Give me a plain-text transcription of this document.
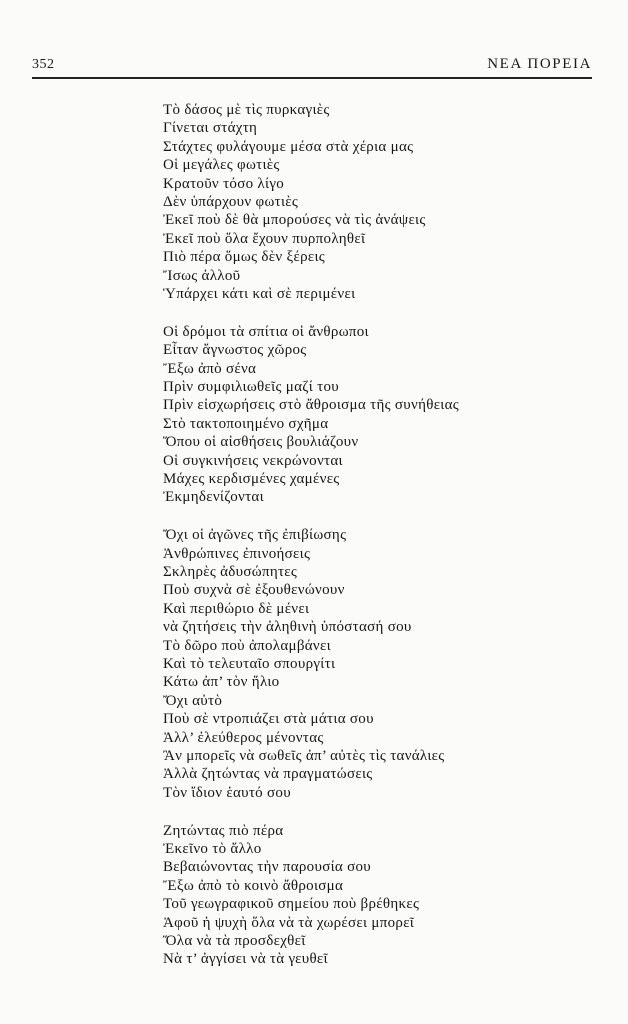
352	ΝΕΑ ΠΟΡΕΙΑ
Τὸ δάσος μὲ τὶς πυρκαγιὲς
Γίνεται στάχτη
Στάχτες φυλάγουμε μέσα στὰ χέρια μας
Οἱ μεγάλες φωτιὲς
Κρατοῦν τόσο λίγο
Δὲν ὑπάρχουν φωτιὲς
Ἐκεῖ ποὺ δὲ θὰ μπορούσες νὰ τὶς ἀνάψεις
Ἐκεῖ ποὺ ὅλα ἔχουν πυρποληθεῖ
Πιὸ πέρα ὅμως δὲν ξέρεις
Ἴσως ἀλλοῦ
Ὑπάρχει κάτι καὶ σὲ περιμένει
Οἱ δρόμοι τὰ σπίτια οἱ ἄνθρωποι
Εἶταν ἄγνωστος χῶρος
Ἔξω ἀπὸ σένα
Πρὶν συμφιλιωθεῖς μαζί του
Πρὶν εἰσχωρήσεις στὸ ἄθροισμα τῆς συνήθειας
Στὸ τακτοποιημένο σχῆμα
Ὅπου οἱ αἰσθήσεις βουλιάζουν
Οἱ συγκινήσεις νεκρώνονται
Μάχες κερδισμένες χαμένες
Ἐκμηδενίζονται
Ὄχι οἱ ἀγῶνες τῆς ἐπιβίωσης
Ἀνθρώπινες ἐπινοήσεις
Σκληρὲς ἀδυσώπητες
Ποὺ συχνὰ σὲ ἐξουθενώνουν
Καὶ περιθώριο δὲ μένει
νὰ ζητήσεις τὴν ἀληθινὴ ὑπόστασή σου
Τὸ δῶρο ποὺ ἀπολαμβάνει
Καὶ τὸ τελευταῖο σπουργίτι
Κάτω ἀπ’ τὸν ἥλιο
Ὄχι αὐτὸ
Ποὺ σὲ ντροπιάζει στὰ μάτια σου
Ἀλλ’ ἐλεύθερος μένοντας
Ἂν μπορεῖς νὰ σωθεῖς ἀπ’ αὐτὲς τὶς τανάλιες
Ἀλλὰ ζητώντας νὰ πραγματώσεις
Τὸν ἴδιον ἑαυτό σου
Ζητώντας πιὸ πέρα
Ἐκεῖνο τὸ ἄλλο
Βεβαιώνοντας τὴν παρουσία σου
Ἔξω ἀπὸ τὸ κοινὸ ἄθροισμα
Τοῦ γεωγραφικοῦ σημείου ποὺ βρέθηκες
Ἀφοῦ ἡ ψυχὴ ὅλα νὰ τὰ χωρέσει μπορεῖ
Ὅλα νὰ τὰ προσδεχθεῖ
Νὰ τ’ ἀγγίσει νὰ τὰ γευθεῖ
